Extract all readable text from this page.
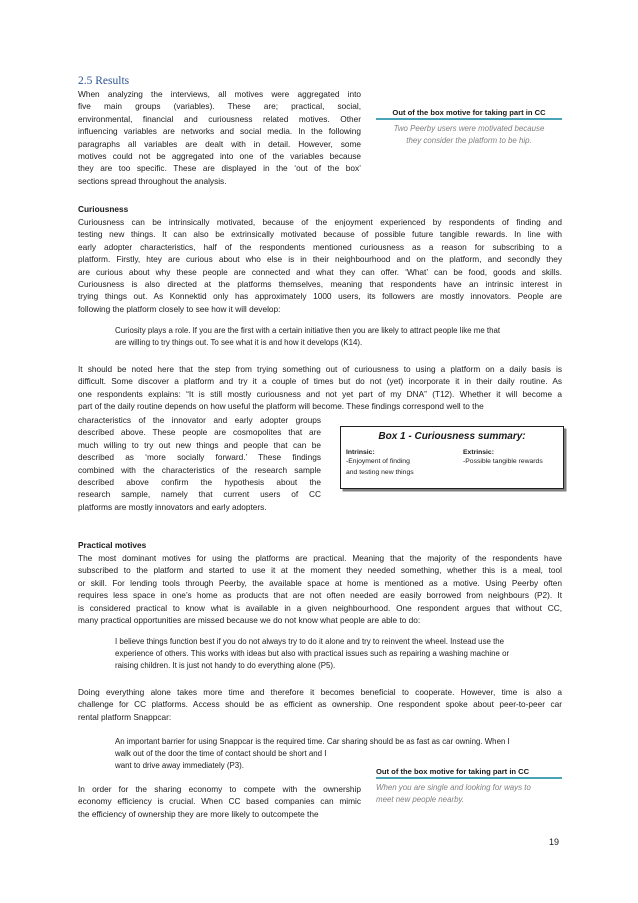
2.5 Results
When analyzing the interviews, all motives were aggregated into
five main groups (variables). These are; practical, social,
environmental, financial and curiousness related motives. Other
influencing variables are networks and social media. In the following
paragraphs all variables are dealt with in detail. However, some
motives could not be aggregated into one of the variables because
they are too specific. These are displayed in the ‘out of the box’
sections spread throughout the analysis.
Out of the box motive for taking part in CC
Two Peerby users were motivated because
they consider the platform to be hip.
Curiousness
Curiousness can be intrinsically motivated, because of the enjoyment experienced by respondents of finding and
testing new things. It can also be extrinsically motivated because of possible future tangible rewards. In line with
early adopter characteristics, half of the respondents mentioned curiousness as a reason for subscribing to a
platform. Firstly, htey are curious about who else is in their neighbourhood and on the platform, and secondly they
are curious about why these people are connected and what they can offer. ‘What’ can be food, goods and skills.
Curiousness is also directed at the platforms themselves, meaning that respondents have an intrinsic interest in
trying things out. As Konnektid only has approximately 1000 users, its followers are mostly innovators. People are
following the platform closely to see how it will develop:
Curiosity plays a role. If you are the first with a certain initiative then you are likely to attract people like me that
are willing to try things out. To see what it is and how it develops (K14).
It should be noted here that the step from trying something out of curiousness to using a platform on a daily basis is
difficult. Some discover a platform and try it a couple of times but do not (yet) incorporate it in their daily routine. As
one respondents explains: “It is still mostly curiousness and not yet part of my DNA” (T12). Whether it will become a
part of the daily routine depends on how useful the platform will become. These findings correspond well to the
characteristics of the innovator and early adopter groups
described above. These people are cosmopolites that are
much willing to try out new things and people that can be
described as ‘more socially forward.’ These findings
combined with the characteristics of the research sample
described above confirm the hypothesis about the
research sample, namely that current users of CC
platforms are mostly innovators and early adopters.
Box 1 - Curiousness summary:
Intrinsic:
-Enjoyment of finding
and testing new things
Extrinsic:
-Possible tangible rewards
Practical motives
The most dominant motives for using the platforms are practical. Meaning that the majority of the respondents have
subscribed to the platform and started to use it at the moment they needed something, whether this is a meal, tool
or skill. For lending tools through Peerby, the available space at home is mentioned as a motive. Using Peerby often
requires less space in one’s home as products that are not often needed are easily borrowed from neighbours (P2). It
is considered practical to know what is available in a given neighbourhood. One respondent argues that without CC,
many practical opportunities are missed because we do not know what people are able to do:
I believe things function best if you do not always try to do it alone and try to reinvent the wheel. Instead use the
experience of others. This works with ideas but also with practical issues such as repairing a washing machine or
raising children. It is just not handy to do everything alone (P5).
Doing everything alone takes more time and therefore it becomes beneficial to cooperate. However, time is also a
challenge for CC platforms. Access should be as efficient as ownership. One respondent spoke about peer-to-peer car
rental platform Snappcar:
An important barrier for using Snappcar is the required time. Car sharing should be as fast as car owning. When I
walk out of the door the time of contact should be short and I
want to drive away immediately (P3).
In order for the sharing economy to compete with the ownership
economy efficiency is crucial. When CC based companies can mimic
the efficiency of ownership they are more likely to outcompete the
Out of the box motive for taking part in CC
When you are single and looking for ways to
meet new people nearby.
19
